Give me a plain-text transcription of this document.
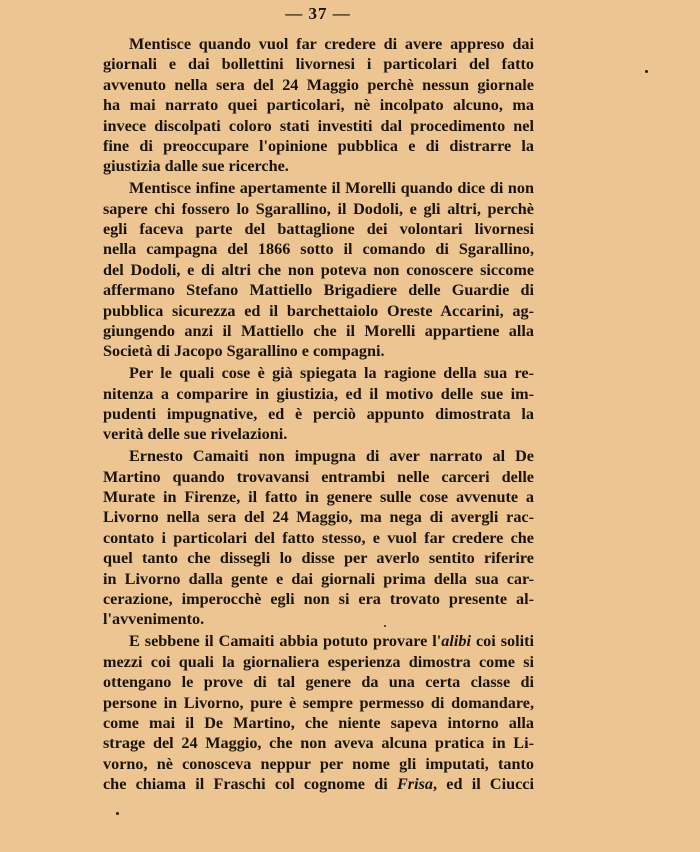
— 37 —
Mentisce quando vuol far credere di avere appreso dai
giornali e dai bollettini livornesi i particolari del fatto
avvenuto nella sera del 24 Maggio perchè nessun giornale
ha mai narrato quei particolari, nè incolpato alcuno, ma
invece discolpati coloro stati investiti dal procedimento nel
fine di preoccupare l'opinione pubblica e di distrarre la
giustizia dalle sue ricerche.
Mentisce infine apertamente il Morelli quando dice di non
sapere chi fossero lo Sgarallino, il Dodoli, e gli altri, perchè
egli faceva parte del battaglione dei volontari livornesi
nella campagna del 1866 sotto il comando di Sgarallino,
del Dodoli, e di altri che non poteva non conoscere siccome
affermano Stefano Mattiello Brigadiere delle Guardie di
pubblica sicurezza ed il barchettaiolo Oreste Accarini, ag-
giungendo anzi il Mattiello che il Morelli appartiene alla
Società di Jacopo Sgarallino e compagni.
Per le quali cose è già spiegata la ragione della sua re-
nitenza a comparire in giustizia, ed il motivo delle sue im-
pudenti impugnative, ed è perciò appunto dimostrata la
verità delle sue rivelazioni.
Ernesto Camaiti non impugna di aver narrato al De
Martino quando trovavansi entrambi nelle carceri delle
Murate in Firenze, il fatto in genere sulle cose avvenute a
Livorno nella sera del 24 Maggio, ma nega di avergli rac-
contato i particolari del fatto stesso, e vuol far credere che
quel tanto che dissegli lo disse per averlo sentito riferire
in Livorno dalla gente e dai giornali prima della sua car-
cerazione, imperocchè egli non si era trovato presente al-
l'avvenimento.
E sebbene il Camaiti abbia potuto provare l'alibi coi soliti
mezzi coi quali la giornaliera esperienza dimostra come si
ottengano le prove di tal genere da una certa classe di
persone in Livorno, pure è sempre permesso di domandare,
come mai il De Martino, che niente sapeva intorno alla
strage del 24 Maggio, che non aveva alcuna pratica in Li-
vorno, nè conosceva neppur per nome gli imputati, tanto
che chiama il Fraschi col cognome di Frisa, ed il Ciucci
